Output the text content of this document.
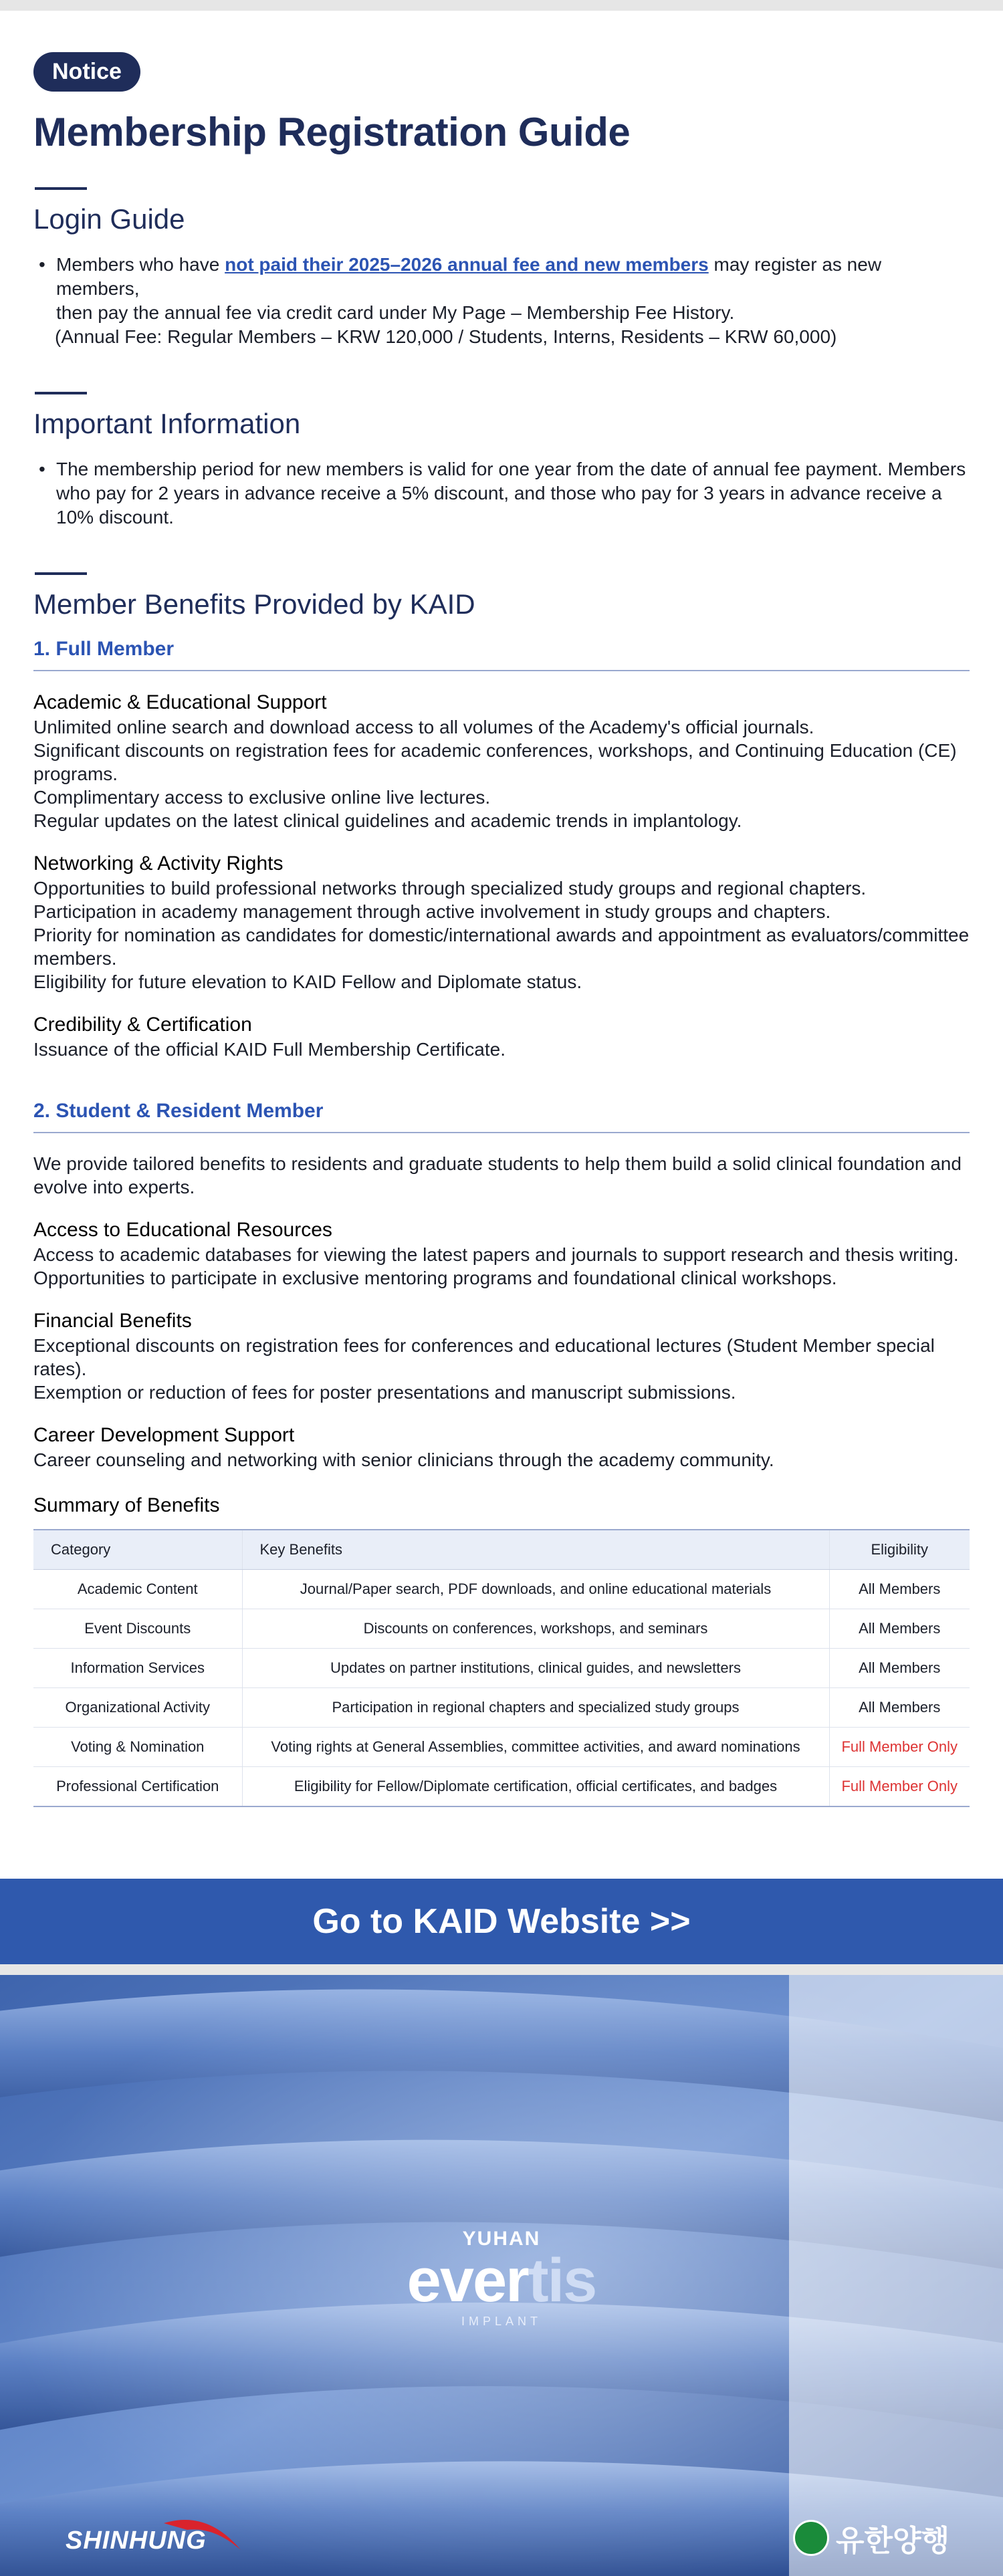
Notice
Membership Registration Guide
Login Guide
• Members who have not paid their 2025–2026 annual fee and new members may register as new members,
then pay the annual fee via credit card under My Page – Membership Fee History.
(Annual Fee: Regular Members – KRW 120,000 / Students, Interns, Residents – KRW 60,000)
Important Information
• The membership period for new members is valid for one year from the date of annual fee payment. Members who pay for 2 years in advance receive a 5% discount, and those who pay for 3 years in advance receive a 10% discount.
Member Benefits Provided by KAID
1. Full Member
Academic & Educational Support
Unlimited online search and download access to all volumes of the Academy's official journals.
Significant discounts on registration fees for academic conferences, workshops, and Continuing Education (CE) programs.
Complimentary access to exclusive online live lectures.
Regular updates on the latest clinical guidelines and academic trends in implantology.
Networking & Activity Rights
Opportunities to build professional networks through specialized study groups and regional chapters.
Participation in academy management through active involvement in study groups and chapters.
Priority for nomination as candidates for domestic/international awards and appointment as evaluators/committee members.
Eligibility for future elevation to KAID Fellow and Diplomate status.
Credibility & Certification
Issuance of the official KAID Full Membership Certificate.
2. Student & Resident Member
We provide tailored benefits to residents and graduate students to help them build a solid clinical foundation and evolve into experts.
Access to Educational Resources
Access to academic databases for viewing the latest papers and journals to support research and thesis writing.
Opportunities to participate in exclusive mentoring programs and foundational clinical workshops.
Financial Benefits
Exceptional discounts on registration fees for conferences and educational lectures (Student Member special rates).
Exemption or reduction of fees for poster presentations and manuscript submissions.
Career Development Support
Career counseling and networking with senior clinicians through the academy community.
Summary of Benefits
Category	Key Benefits	Eligibility
Academic Content	Journal/Paper search, PDF downloads, and online educational materials	All Members
Event Discounts	Discounts on conferences, workshops, and seminars	All Members
Information Services	Updates on partner institutions, clinical guides, and newsletters	All Members
Organizational Activity	Participation in regional chapters and specialized study groups	All Members
Voting & Nomination	Voting rights at General Assemblies, committee activities, and award nominations	Full Member Only
Professional Certification	Eligibility for Fellow/Diplomate certification, official certificates, and badges	Full Member Only
Go to KAID Website >>
YUHAN
evertis
IMPLANT
SHINHUNG	유한양행
